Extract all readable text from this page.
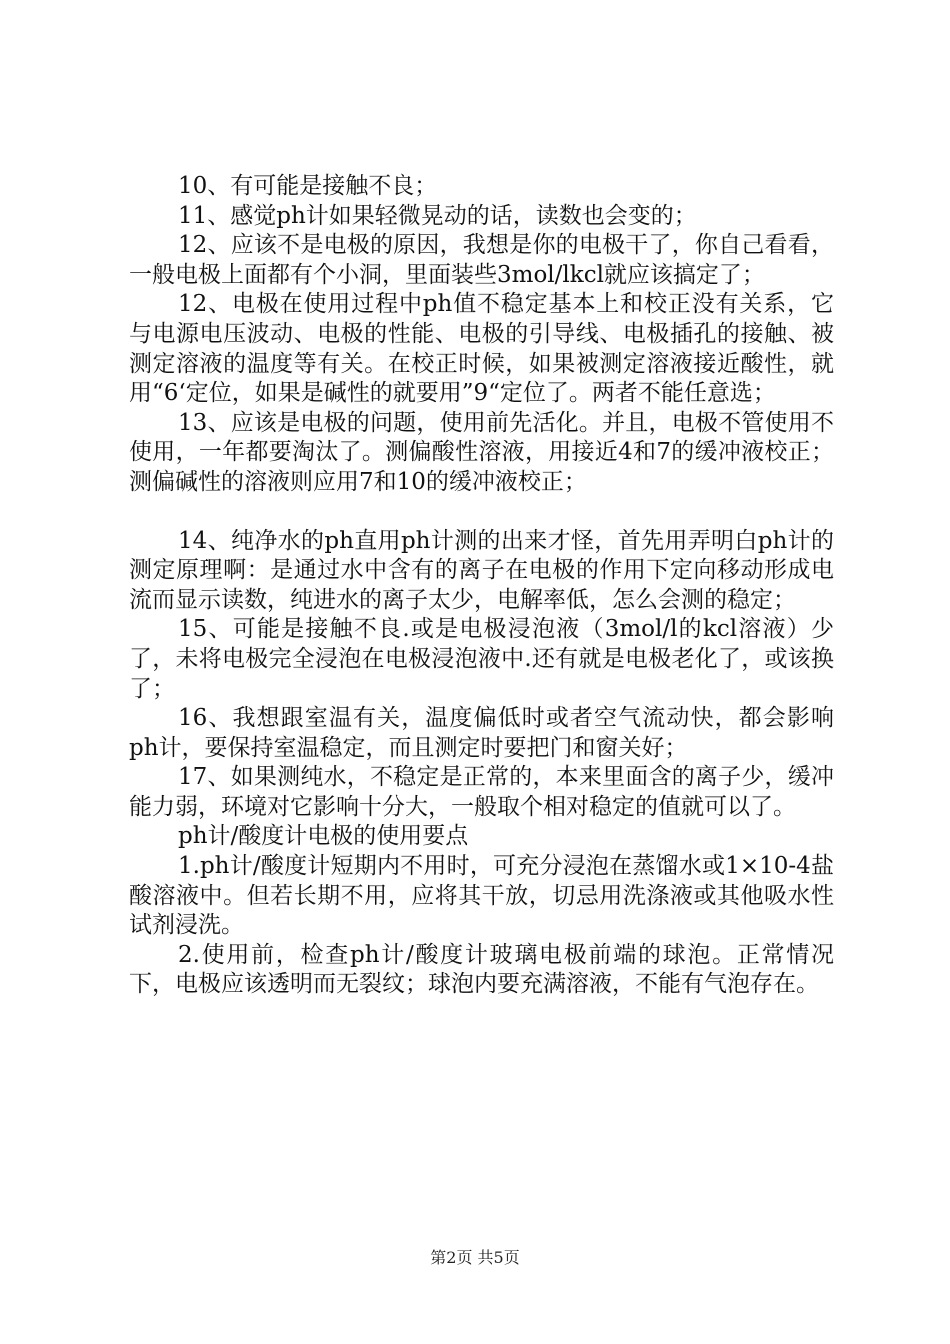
10、有可能是接触不良；

11、感觉ph计如果轻微晃动的话，读数也会变的；

12、应该不是电极的原因，我想是你的电极干了，你自己看看，一般电极上面都有个小洞，里面装些3mol/lkcl就应该搞定了；

12、电极在使用过程中ph值不稳定基本上和校正没有关系，它与电源电压波动、电极的性能、电极的引导线、电极插孔的接触、被测定溶液的温度等有关。在校正时候，如果被测定溶液接近酸性，就用“6‘定位，如果是碱性的就要用”9“定位了。两者不能任意选；

13、应该是电极的问题，使用前先活化。并且，电极不管使用不使用，一年都要淘汰了。测偏酸性溶液，用接近4和7的缓冲液校正；测偏碱性的溶液则应用7和10的缓冲液校正；

14、纯净水的ph直用ph计测的出来才怪，首先用弄明白ph计的测定原理啊：是通过水中含有的离子在电极的作用下定向移动形成电流而显示读数，纯进水的离子太少，电解率低，怎么会测的稳定；

15、可能是接触不良.或是电极浸泡液（3mol/l的kcl溶液）少了，未将电极完全浸泡在电极浸泡液中.还有就是电极老化了，或该换了；

16、我想跟室温有关，温度偏低时或者空气流动快，都会影响ph计，要保持室温稳定，而且测定时要把门和窗关好；

17、如果测纯水，不稳定是正常的，本来里面含的离子少，缓冲能力弱，环境对它影响十分大，一般取个相对稳定的值就可以了。

ph计/酸度计电极的使用要点

1.ph计/酸度计短期内不用时，可充分浸泡在蒸馏水或1×10-4盐酸溶液中。但若长期不用，应将其干放，切忌用洗涤液或其他吸水性试剂浸洗。

2.使用前，检查ph计/酸度计玻璃电极前端的球泡。正常情况下，电极应该透明而无裂纹；球泡内要充满溶液，不能有气泡存在。

第2页 共5页
